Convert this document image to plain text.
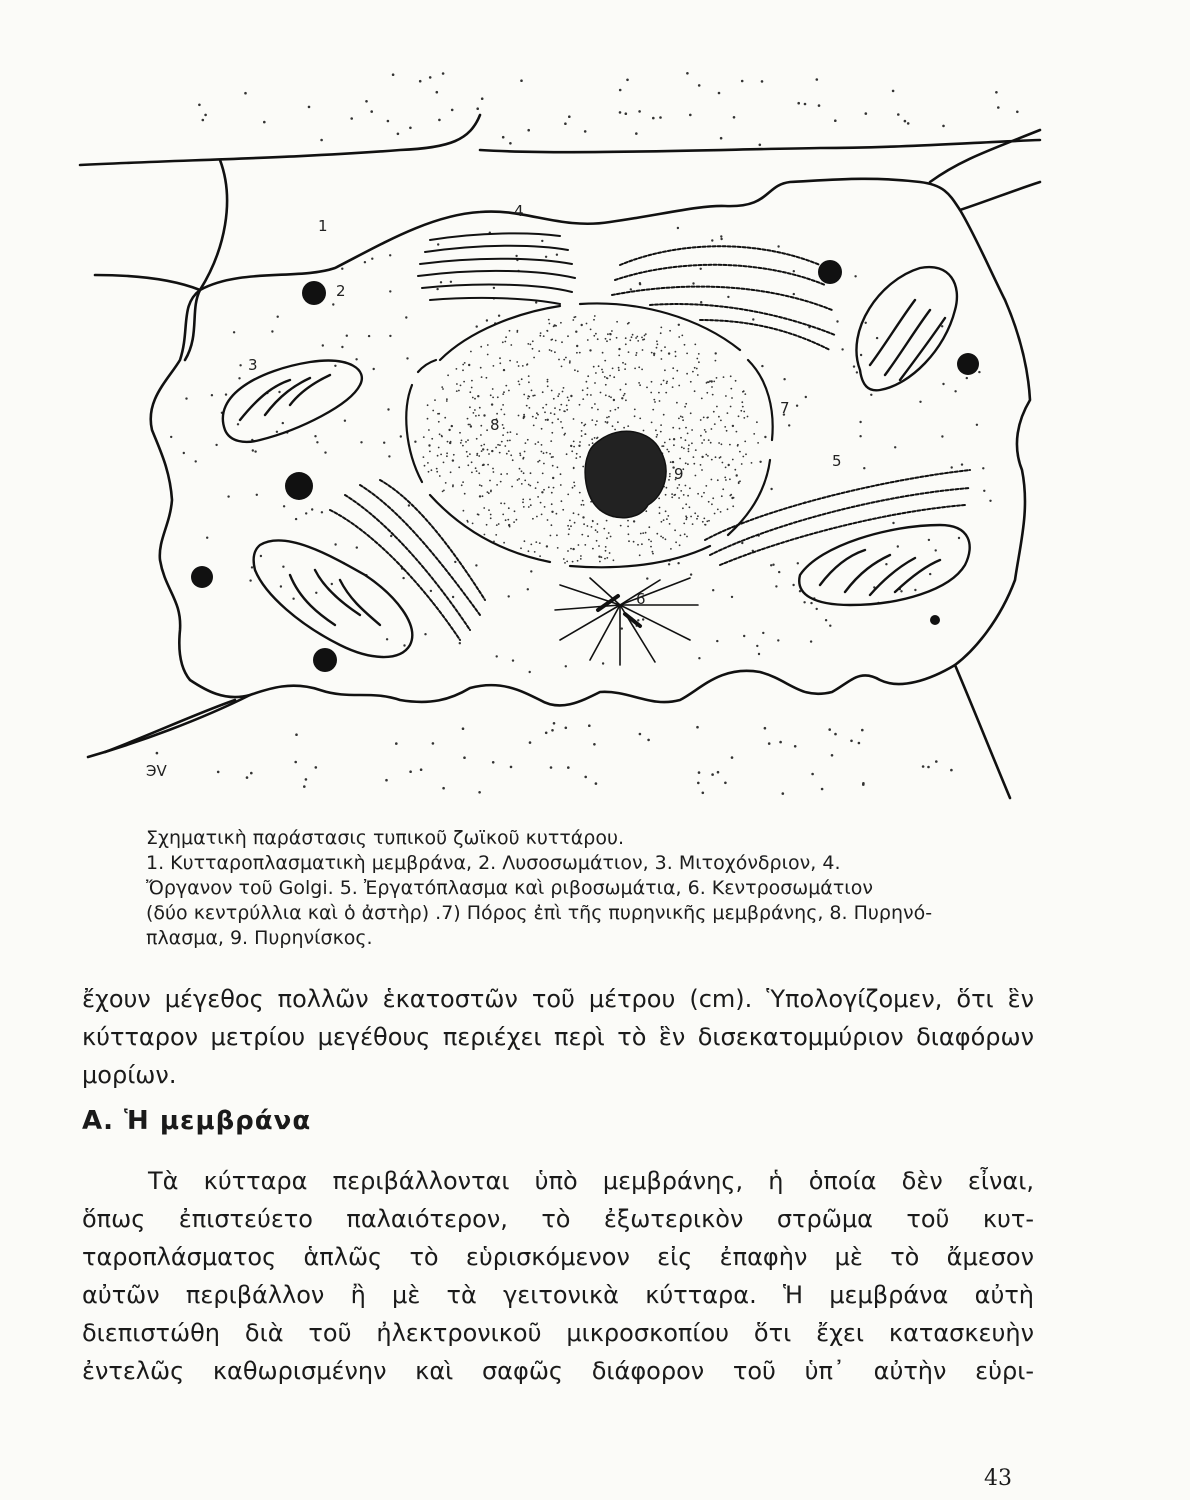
1
2
3
4
5
6
7
8
9
ЭV
Σχηματικὴ παράστασις τυπικοῦ ζωϊκοῦ κυττάρου.
1. Κυτταροπλασματικὴ μεμβράνα, 2. Λυσοσωμάτιον, 3. Μιτοχόνδριον, 4.
Ὄργανον τοῦ Golgi. 5. Ἐργατόπλασμα καὶ ριβοσωμάτια, 6. Κεντροσωμάτιον
(δύο κεντρύλλια καὶ ὁ ἀστὴρ) .7) Πόρος ἐπὶ τῆς πυρηνικῆς μεμβράνης, 8. Πυρηνό-
πλασμα, 9. Πυρηνίσκος.
ἔχουν μέγεθος πολλῶν ἑκατοστῶν τοῦ μέτρου (cm). Ὑπολογίζομεν, ὅτι ἓν κύτταρον μετρίου μεγέθους περιέχει περὶ τὸ ἓν δισεκατομμύριον διαφόρων μορίων.
Α. Ἡ μεμβράνα
Τὰ κύτταρα περιβάλλονται ὑπὸ μεμβράνης, ἡ ὁποία δὲν εἶναι,
ὅπως ἐπιστεύετο παλαιότερον, τὸ ἐξωτερικὸν στρῶμα τοῦ κυτ-
ταροπλάσματος ἁπλῶς τὸ εὑρισκόμενον εἰς ἐπαφὴν μὲ τὸ ἄμεσον
αὐτῶν περιβάλλον ἢ μὲ τὰ γειτονικὰ κύτταρα. Ἡ μεμβράνα αὐτὴ
διεπιστώθη διὰ τοῦ ἠλεκτρονικοῦ μικροσκοπίου ὅτι ἔχει κατασκευὴν
ἐντελῶς καθωρισμένην καὶ σαφῶς διάφορον τοῦ ὑπ᾿ αὐτὴν εὑρι-
43
